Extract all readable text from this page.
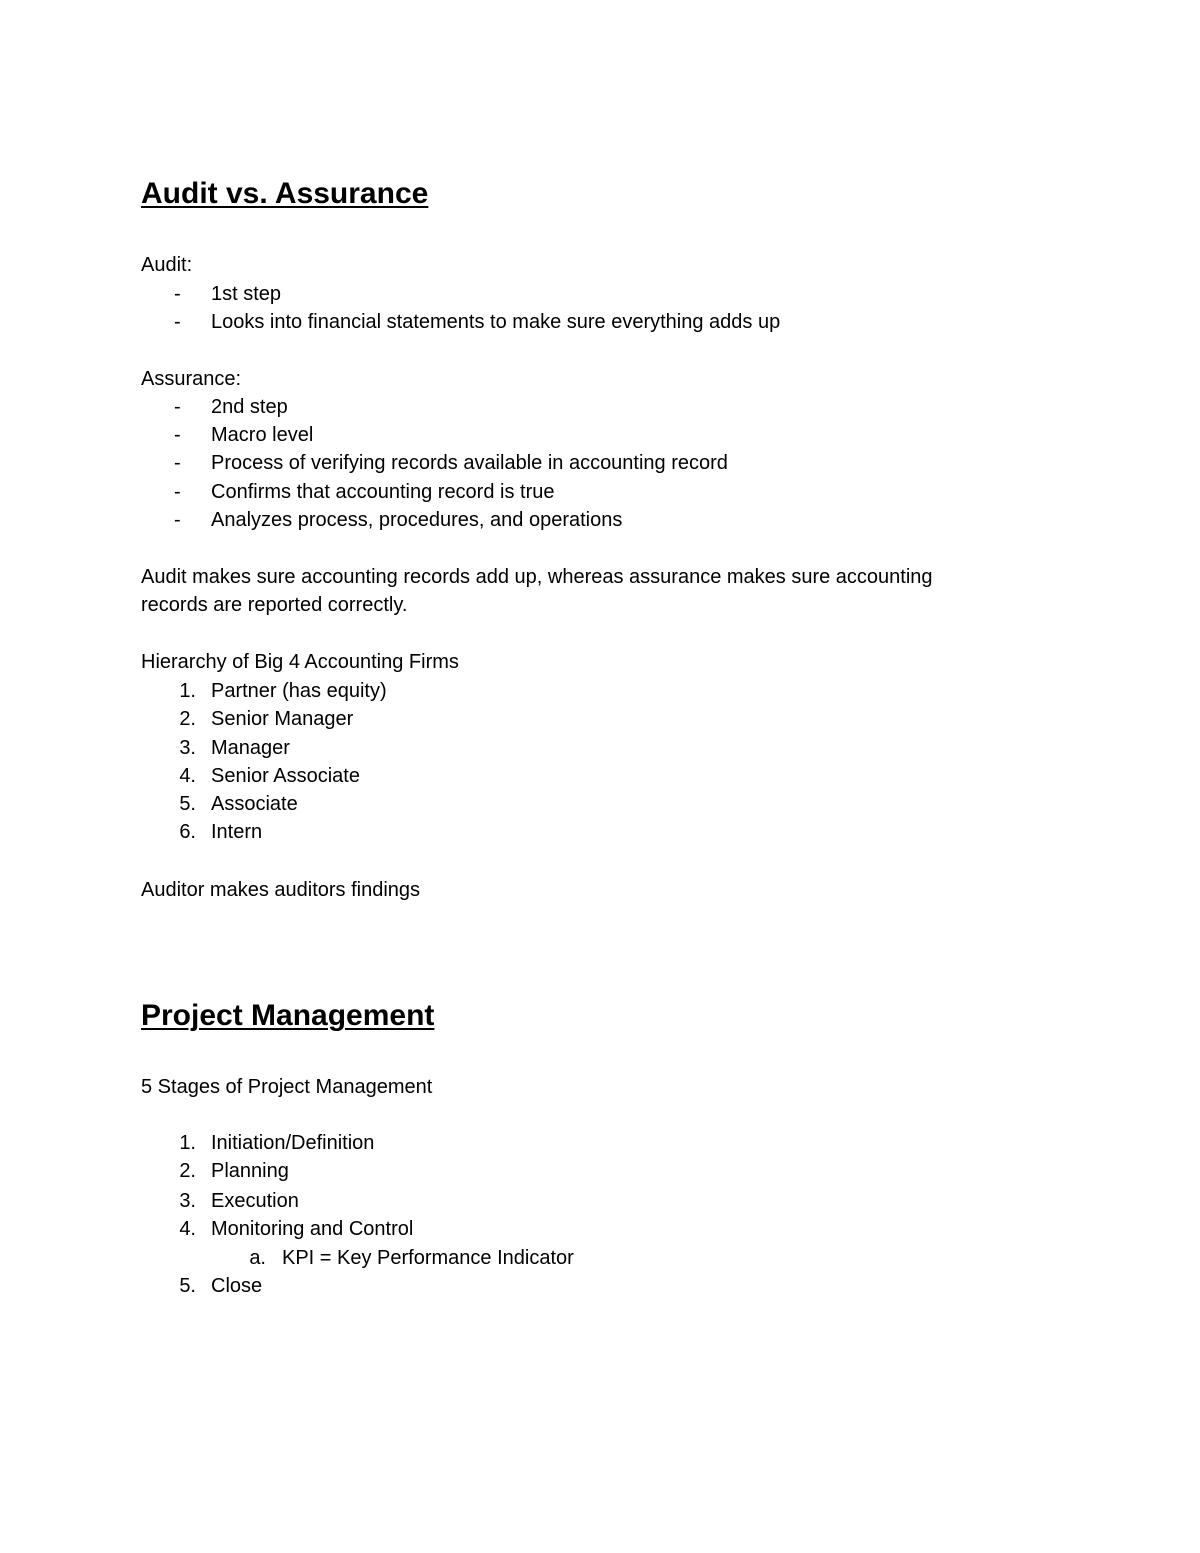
Audit vs. Assurance
Audit:
- 1st step
- Looks into financial statements to make sure everything adds up
Assurance:
- 2nd step
- Macro level
- Process of verifying records available in accounting record
- Confirms that accounting record is true
- Analyzes process, procedures, and operations
Audit makes sure accounting records add up, whereas assurance makes sure accounting
records are reported correctly.
Hierarchy of Big 4 Accounting Firms
1. Partner (has equity)
2. Senior Manager
3. Manager
4. Senior Associate
5. Associate
6. Intern
Auditor makes auditors findings
Project Management
5 Stages of Project Management
1. Initiation/Definition
2. Planning
3. Execution
4. Monitoring and Control
a. KPI = Key Performance Indicator
5. Close
